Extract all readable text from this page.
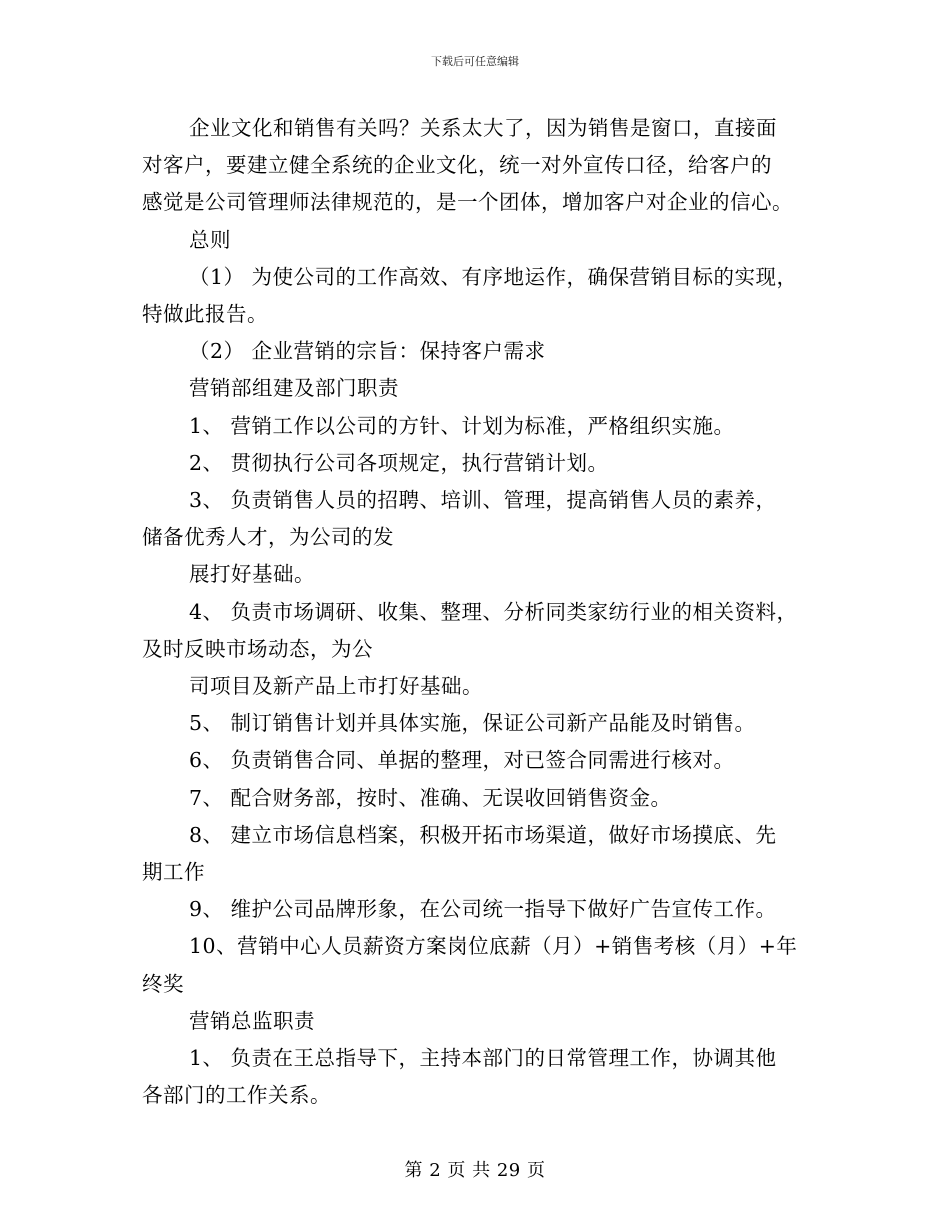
下载后可任意编辑

企业文化和销售有关吗？关系太大了，因为销售是窗口，直接面

对客户，要建立健全系统的企业文化，统一对外宣传口径，给客户的

感觉是公司管理师法律规范的，是一个团体，增加客户对企业的信心。

总则

（1） 为使公司的工作高效、有序地运作，确保营销目标的实现，

特做此报告。

（2） 企业营销的宗旨：保持客户需求

营销部组建及部门职责

1、 营销工作以公司的方针、计划为标准，严格组织实施。

2、 贯彻执行公司各项规定，执行营销计划。

3、 负责销售人员的招聘、培训、管理，提高销售人员的素养，

储备优秀人才，为公司的发

展打好基础。

4、 负责市场调研、收集、整理、分析同类家纺行业的相关资料，

及时反映市场动态，为公

司项目及新产品上市打好基础。

5、 制订销售计划并具体实施，保证公司新产品能及时销售。

6、 负责销售合同、单据的整理，对已签合同需进行核对。

7、 配合财务部，按时、准确、无误收回销售资金。

8、 建立市场信息档案，积极开拓市场渠道，做好市场摸底、先

期工作

9、 维护公司品牌形象，在公司统一指导下做好广告宣传工作。

10、营销中心人员薪资方案岗位底薪（月）+销售考核（月）+年

终奖

营销总监职责

1、 负责在王总指导下，主持本部门的日常管理工作，协调其他

各部门的工作关系。

第 2 页 共 29 页
